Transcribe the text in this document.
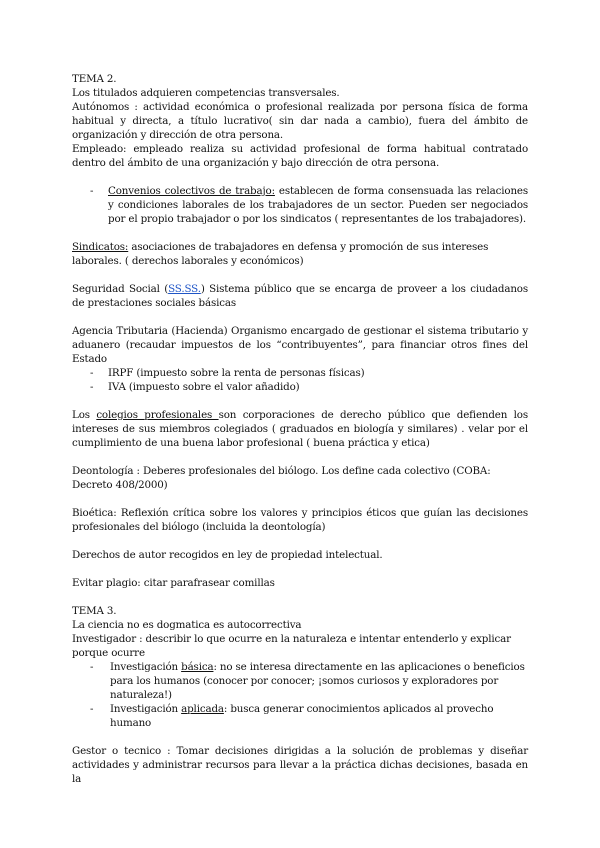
TEMA 2.

Los titulados adquieren competencias transversales.

Autónomos : actividad económica o profesional realizada por persona física de forma habitual y directa, a título lucrativo( sin dar nada a cambio), fuera del ámbito de organización y dirección de otra persona.

Empleado: empleado realiza su actividad profesional de forma habitual contratado dentro del ámbito de una organización y bajo dirección de otra persona.

- Convenios colectivos de trabajo: establecen de forma consensuada las relaciones y condiciones laborales de los trabajadores de un sector. Pueden ser negociados por el propio trabajador o por los sindicatos ( representantes de los trabajadores).

Sindicatos: asociaciones de trabajadores en defensa y promoción de sus intereses laborales. ( derechos laborales y económicos)

Seguridad Social (SS.SS.) Sistema público que se encarga de proveer a los ciudadanos de prestaciones sociales básicas

Agencia Tributaria (Hacienda) Organismo encargado de gestionar el sistema tributario y aduanero (recaudar impuestos de los “contribuyentes”, para financiar otros fines del Estado

- IRPF (impuesto sobre la renta de personas físicas)
- IVA (impuesto sobre el valor añadido)

Los colegios profesionales son corporaciones de derecho público que defienden los intereses de sus miembros colegiados ( graduados en biología y similares) . velar por el cumplimiento de una buena labor profesional ( buena práctica y etica)

Deontología : Deberes profesionales del biólogo. Los define cada colectivo (COBA: Decreto 408/2000)

Bioética: Reflexión crítica sobre los valores y principios éticos que guían las decisiones profesionales del biólogo (incluida la deontología)

Derechos de autor recogidos en ley de propiedad intelectual.

Evitar plagio: citar parafrasear comillas

TEMA 3.

La ciencia no es dogmatica es autocorrectiva

Investigador : describir lo que ocurre en la naturaleza e intentar entenderlo y explicar porque ocurre

- Investigación básica: no se interesa directamente en las aplicaciones o beneficios para los humanos (conocer por conocer; ¡somos curiosos y exploradores por naturaleza!)
- Investigación aplicada: busca generar conocimientos aplicados al provecho humano

Gestor o tecnico : Tomar decisiones dirigidas a la solución de problemas y diseñar actividades y administrar recursos para llevar a la práctica dichas decisiones, basada en la
